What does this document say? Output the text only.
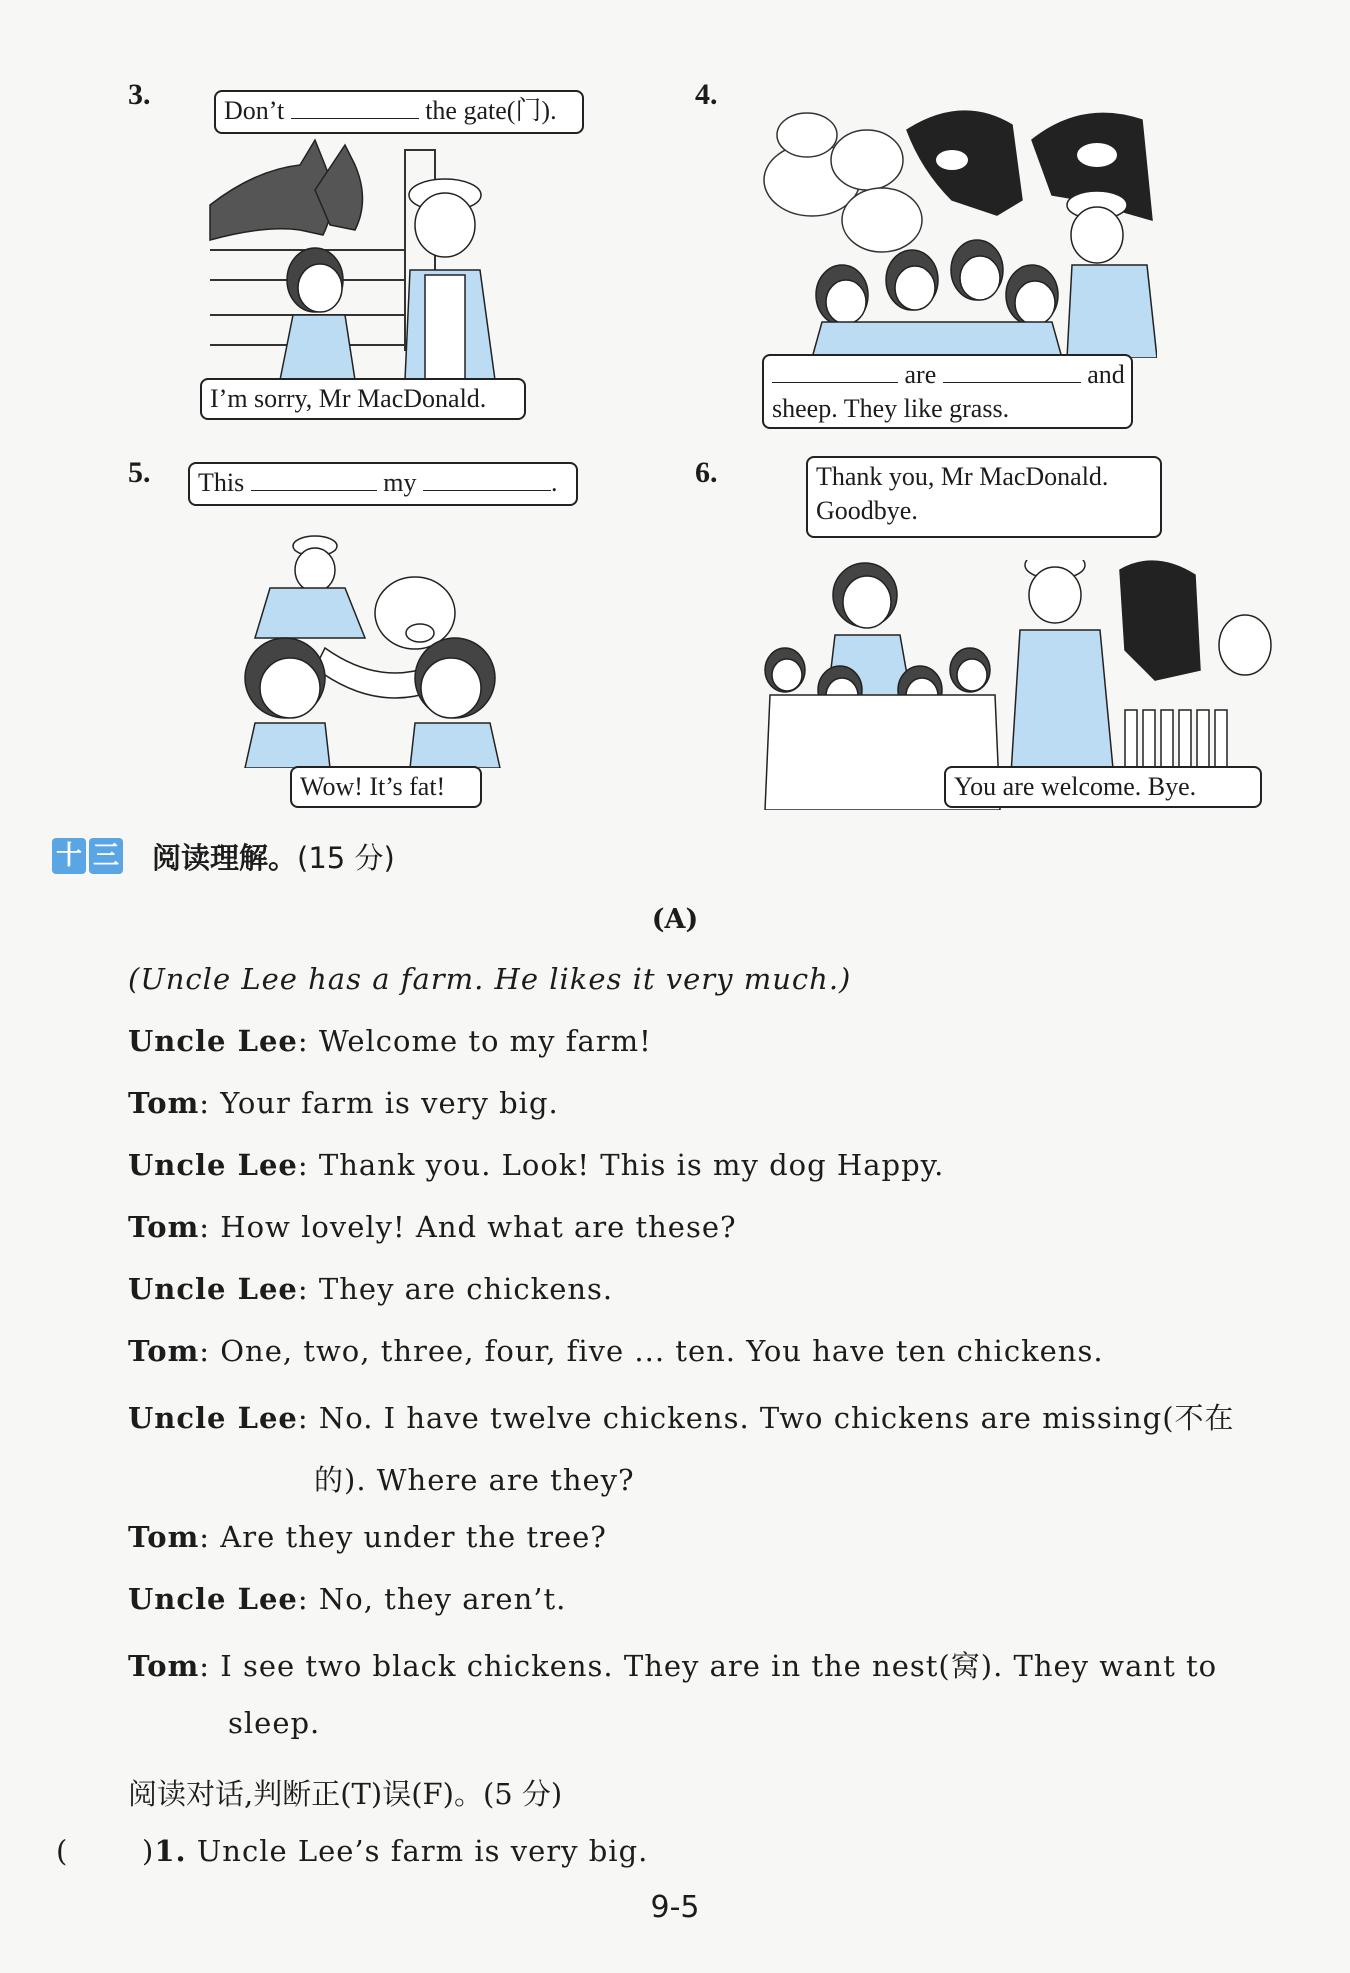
3.	Don’t	the gate(门).
I’m sorry, Mr MacDonald.
4.
are	and
sheep. They like grass.
5.	This	my	.
Wow! It’s fat!
6.	Thank you, Mr MacDonald.
Goodbye.
You are welcome. Bye.
十 三 阅读理解。(15 分)
(A)
(Uncle Lee has a farm. He likes it very much.)
Uncle Lee: Welcome to my farm!
Tom: Your farm is very big.
Uncle Lee: Thank you. Look! This is my dog Happy.
Tom: How lovely! And what are these?
Uncle Lee: They are chickens.
Tom: One, two, three, four, five ... ten. You have ten chickens.
Uncle Lee: No. I have twelve chickens. Two chickens are missing(不在
的). Where are they?
Tom: Are they under the tree?
Uncle Lee: No, they aren’t.
Tom: I see two black chickens. They are in the nest(窝). They want to
sleep.
阅读对话,判断正(T)误(F)。(5 分)
(	)1. Uncle Lee’s farm is very big.
9-5
